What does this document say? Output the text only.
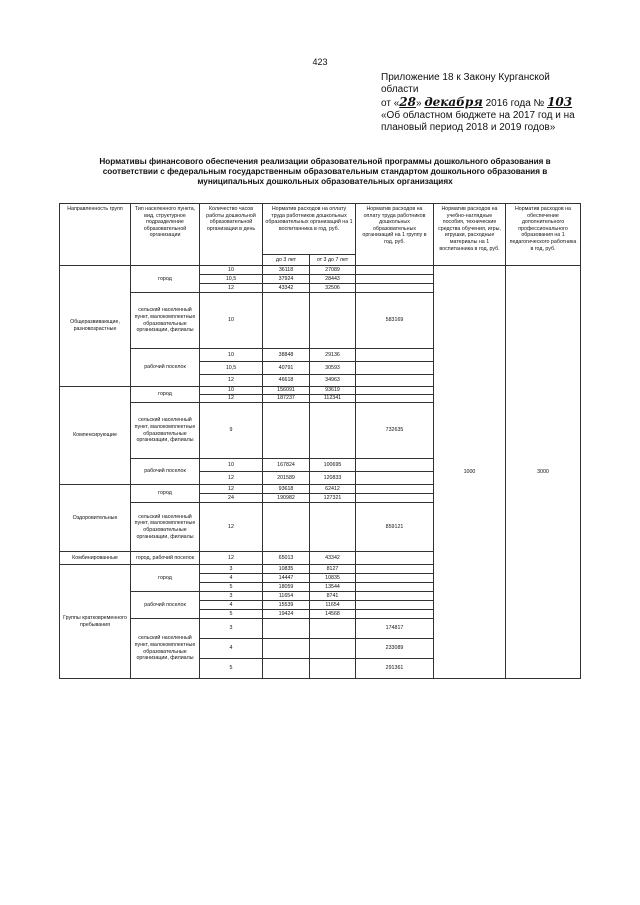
423
Приложение 18 к Закону Курганской области
от «28» декабря 2016 года № 103
«Об областном бюджете на 2017 год и на
плановый период 2018 и 2019 годов»
Нормативы финансового обеспечения реализации образовательной программы дошкольного образования в соответствии с федеральным государственным образовательным стандартом дошкольного образования в муниципальных дошкольных образовательных организациях
Направленность групп	Тип населенного пункта, вид, структурное подразделение образовательной организации	Количество часов работы дошкольной образовательной организации в день	Норматив расходов на оплату труда работников дошкольных образовательных организаций на 1 воспитанника в год, руб.		Норматив расходов на оплату труда работников дошкольных образовательных организаций на 1 группу в год, руб.	Норматив расходов на учебно-наглядные пособия, технические средства обучения, игры, игрушки, расходные материалы на 1 воспитанника в год, руб.	Норматив расходов на обеспечение дополнительного профессионального образования на 1 педагогического работника в год, руб.
			до 3 лет	от 3 до 7 лет			
Общеразвивающие, разновозрастные	город	10	36118	27089		1000	3000
		10,5	37924	28443			
		12	43342	32506			
	сельский населенный пункт, малокомплектные образовательные организации, филиалы	10			583169		
	рабочий поселок	10	38848	29136			
		10,5	40791	30593			
		12	46618	34963			
Компенсирующие	город	10	156091	93619			
		12	187237	112341			
	сельский населенный пункт, малокомплектные образовательные организации, филиалы	9			732635		
	рабочий поселок	10	167824	100695			
		12	201589	120833			
Оздоровительные	город	12	93618	62412			
		24	190982	127321			
	сельский населенный пункт, малокомплектные образовательные организации, филиалы	12			859121		
Комбинированные	город, рабочий поселок	12	65013	43342			
Группы кратковременного пребывания	город	3	10835	8127			
		4	14447	10835			
		5	18059	13544			
	рабочий поселок	3	11654	8741			
		4	15539	11654			
		5	19424	14568			
	сельский населенный пункт, малокомплектные образовательные организации, филиалы	3			174817		
		4			233089		
		5			291361		
